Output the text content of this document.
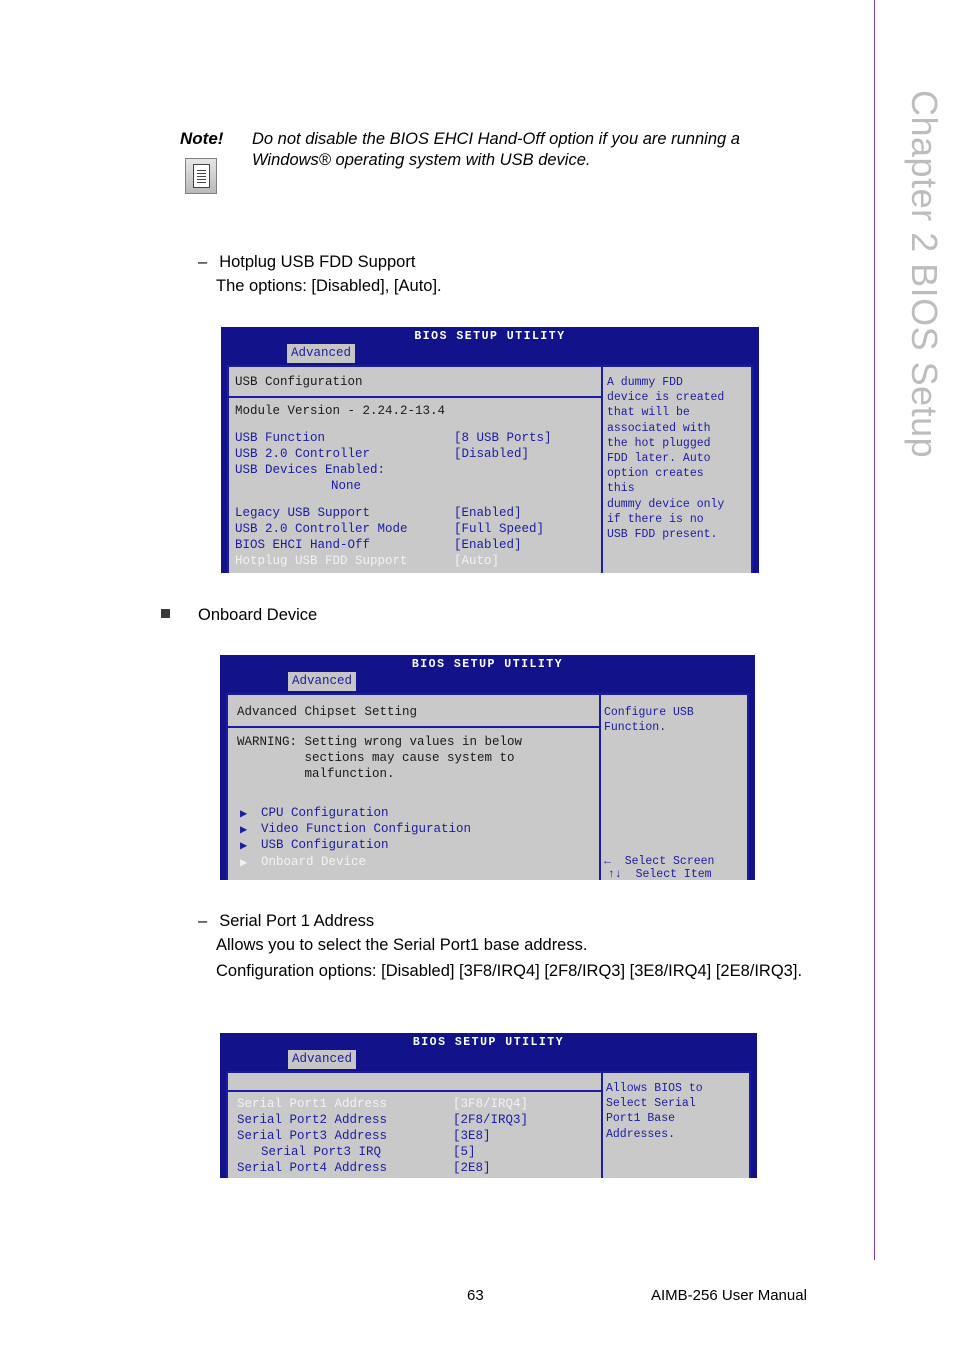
Chapter 2 BIOS Setup
Note! Do not disable the BIOS EHCI Hand-Off option if you are running a Windows® operating system with USB device.
– Hotplug USB FDD Support
The options: [Disabled], [Auto].
BIOS SETUP UTILITY
Advanced
USB Configuration
Module Version - 2.24.2-13.4
USB Function	[8 USB Ports]
USB 2.0 Controller	[Disabled]
USB Devices Enabled:
None
Legacy USB Support	[Enabled]
USB 2.0 Controller Mode	[Full Speed]
BIOS EHCI Hand-Off	[Enabled]
Hotplug USB FDD Support	[Auto]
A dummy FDD
device is created
that will be
associated with
the hot plugged
FDD later. Auto
option creates
this
dummy device only
if there is no
USB FDD present.
Onboard Device
BIOS SETUP UTILITY
Advanced
Advanced Chipset Setting
WARNING: Setting wrong values in below
sections may cause system to
malfunction.
▶ CPU Configuration
▶ Video Function Configuration
▶ USB Configuration
▶ Onboard Device
Configure USB
Function.
←  Select Screen
↑↓  Select Item
– Serial Port 1 Address
Allows you to select the Serial Port1 base address.
Configuration options: [Disabled] [3F8/IRQ4] [2F8/IRQ3] [3E8/IRQ4] [2E8/IRQ3].
BIOS SETUP UTILITY
Advanced
Serial Port1 Address	[3F8/IRQ4]
Serial Port2 Address	[2F8/IRQ3]
Serial Port3 Address	[3E8]
Serial Port3 IRQ	[5]
Serial Port4 Address	[2E8]
Allows BIOS to
Select Serial
Port1 Base
Addresses.
63	AIMB-256 User Manual
